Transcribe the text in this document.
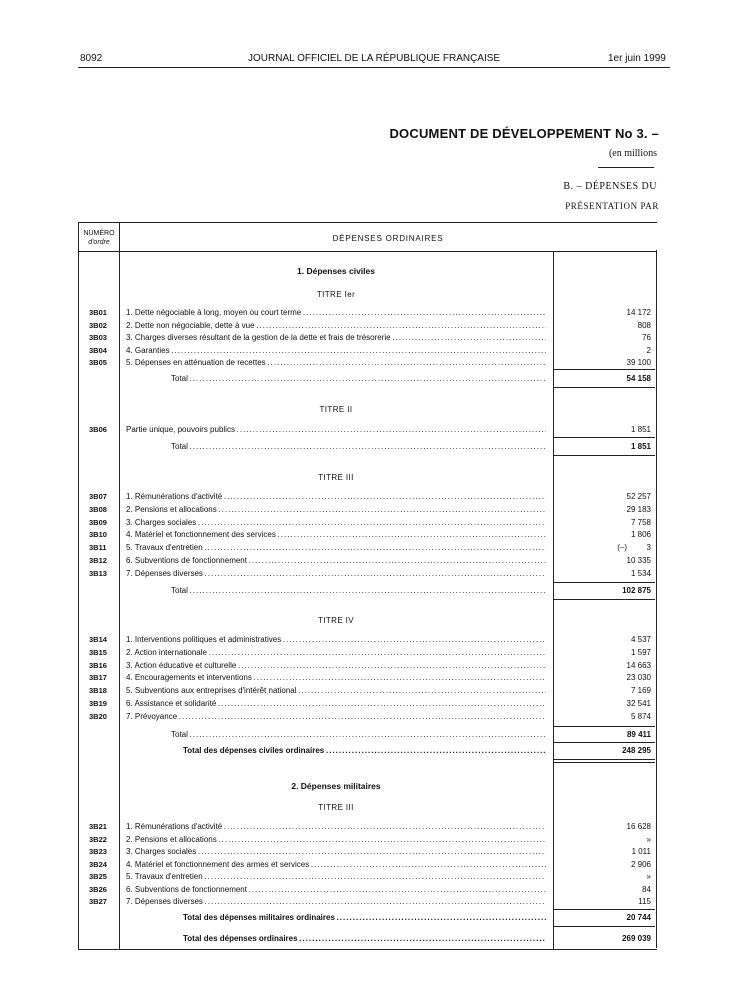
8092	JOURNAL OFFICIEL DE LA RÉPUBLIQUE FRANÇAISE	1er juin 1999
DOCUMENT DE DÉVELOPPEMENT No 3. –
(en millions
B. – DÉPENSES DU
PRÉSENTATION PAR
NUMÉRO
d'ordre	DÉPENSES ORDINAIRES
1. Dépenses civiles
TITRE Ier
3B01 1. Dette négociable à long, moyen ou court terme . . .	14 172
3B02 2. Dette non négociable, dette à vue . . .	808
3B03 3. Charges diverses résultant de la gestion de la dette et frais de trésorerie . . .	76
3B04 4. Garanties . . .	2
3B05 5. Dépenses en atténuation de recettes . . .	39 100
Total . . .	54 158
TITRE II
3B06 Partie unique, pouvoirs publics . . .	1 851
Total . . .	1 851
TITRE III
3B07 1. Rémunérations d'activité . . .	52 257
3B08 2. Pensions et allocations . . .	29 183
3B09 3. Charges sociales . . .	7 758
3B10 4. Matériel et fonctionnement des services . . .	1 806
3B11 5. Travaux d'entretien . . .	(–) 3
3B12 6. Subventions de fonctionnement . . .	10 335
3B13 7. Dépenses diverses . . .	1 534
Total . . .	102 875
TITRE IV
3B14 1. Interventions politiques et administratives . . .	4 537
3B15 2. Action internationale . . .	1 597
3B16 3. Action éducative et culturelle . . .	14 663
3B17 4. Encouragements et interventions . . .	23 030
3B18 5. Subventions aux entreprises d'intérêt national . . .	7 169
3B19 6. Assistance et solidarité . . .	32 541
3B20 7. Prévoyance . . .	5 874
Total . . .	89 411
Total des dépenses civiles ordinaires . . .	248 295
2. Dépenses militaires
TITRE III
3B21 1. Rémunérations d'activité . . .	16 628
3B22 2. Pensions et allocations . . .	»
3B23 3. Charges sociales . . .	1 011
3B24 4. Matériel et fonctionnement des armes et services . . .	2 906
3B25 5. Travaux d'entretien . . .	»
3B26 6. Subventions de fonctionnement . . .	84
3B27 7. Dépenses diverses . . .	115
Total des dépenses militaires ordinaires . . .	20 744
Total des dépenses ordinaires . . .	269 039
